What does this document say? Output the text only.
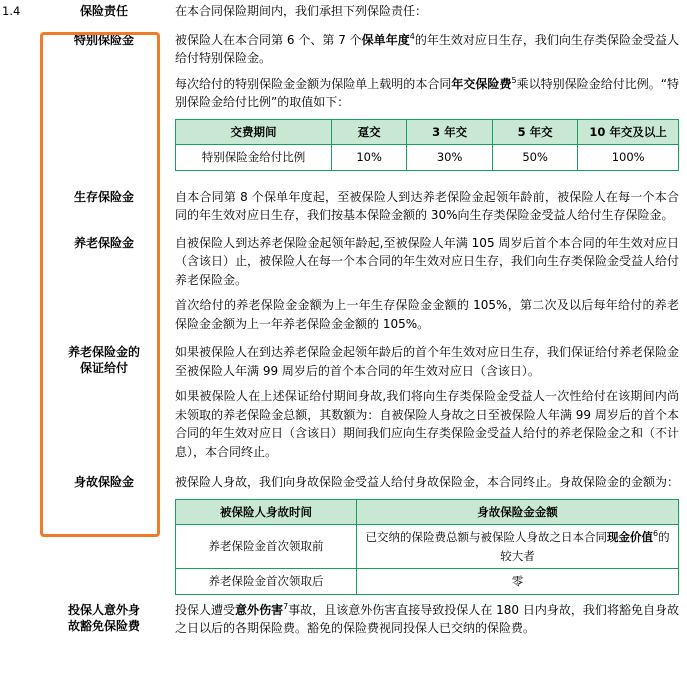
1.4	保险责任	在本合同保险期间内，我们承担下列保险责任：

特别保险金	被保险人在本合同第 6 个、第 7 个保单年度$^4$的年生效对应日生存，我们向生存类保险金受益人给付特别保险金。

每次给付的特别保险金金额为保险单上载明的本合同年交保险费$^5$乘以特别保险金给付比例。“特别保险金给付比例”的取值如下：

交费期间	趸交	3 年交	5 年交	10 年交及以上
特别保险金给付比例	10%	30%	50%	100%
生存保险金	自本合同第 8 个保单年度起，至被保险人到达养老保险金起领年龄前，被保险人在每一个本合同的年生效对应日生存，我们按基本保险金额的 30%向生存类保险金受益人给付生存保险金。

养老保险金	自被保险人到达养老保险金起领年龄起,至被保险人年满 105 周岁后首个本合同的年生效对应日（含该日）止，被保险人在每一个本合同的年生效对应日生存，我们向生存类保险金受益人给付养老保险金。

首次给付的养老保险金金额为上一年生存保险金金额的 105%，第二次及以后每年给付的养老保险金金额为上一年养老保险金金额的 105%。

养老保险金的
保证给付

如果被保险人在到达养老保险金起领年龄后的首个年生效对应日生存，我们保证给付养老保险金至被保险人年满 99 周岁后的首个本合同的年生效对应日（含该日）。

如果被保险人在上述保证给付期间身故,我们将向生存类保险金受益人一次性给付在该期间内尚未领取的养老保险金总额，其数额为：自被保险人身故之日至被保险人年满 99 周岁后的首个本合同的年生效对应日（含该日）期间我们应向生存类保险金受益人给付的养老保险金之和（不计息），本合同终止。

身故保险金	被保险人身故，我们向身故保险金受益人给付身故保险金，本合同终止。身故保险金的金额为：

被保险人身故时间	身故保险金金额
养老保险金首次领取前	已交纳的保险费总额与被保险人身故之日本合同现金价值$^6$的较大者
养老保险金首次领取后	零
投保人意外身
故豁免保险费

投保人遭受意外伤害$^7$事故，且该意外伤害直接导致投保人在 180 日内身故，我们将豁免自身故之日以后的各期保险费。豁免的保险费视同投保人已交纳的保险费。
